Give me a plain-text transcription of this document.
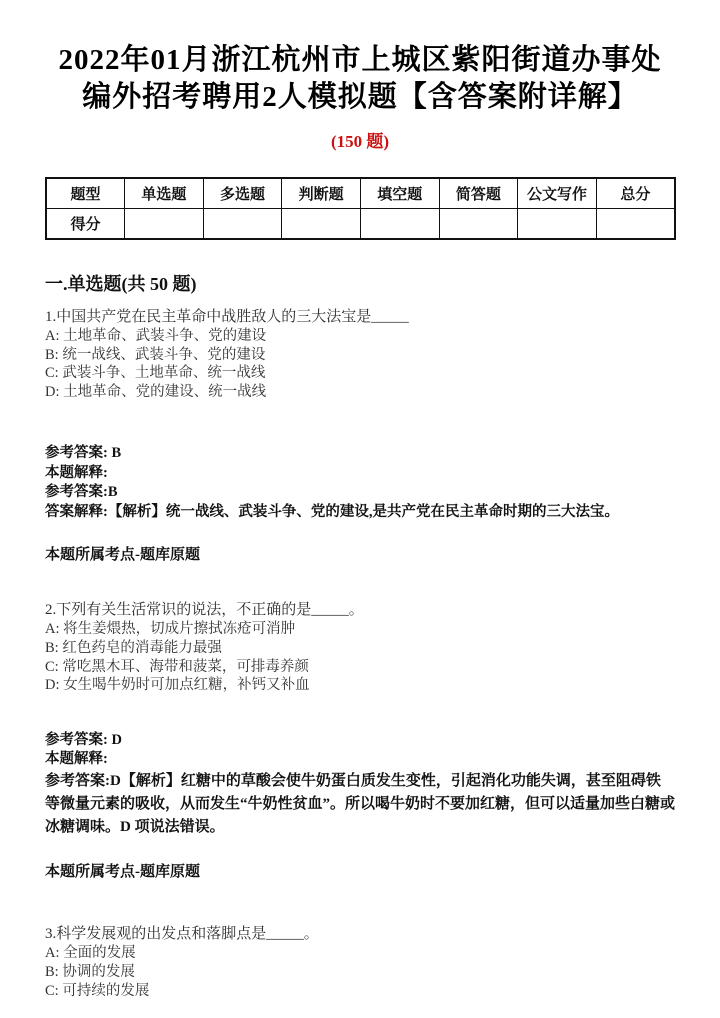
2022年01月浙江杭州市上城区紫阳街道办事处
编外招考聘用2人模拟题【含答案附详解】
(150 题)
题型	单选题	多选题	判断题	填空题	简答题	公文写作	总分
得分							
一.单选题(共 50 题)
1.中国共产党在民主革命中战胜敌人的三大法宝是_____
A: 土地革命、武装斗争、党的建设
B: 统一战线、武装斗争、党的建设
C: 武装斗争、土地革命、统一战线
D: 土地革命、党的建设、统一战线
参考答案: B
本题解释:
参考答案:B
答案解释:【解析】统一战线、武装斗争、党的建设,是共产党在民主革命时期的三大法宝。
本题所属考点-题库原题
2.下列有关生活常识的说法，不正确的是_____。
A: 将生姜煨热，切成片擦拭冻疮可消肿
B: 红色药皂的消毒能力最强
C: 常吃黑木耳、海带和菠菜，可排毒养颜
D: 女生喝牛奶时可加点红糖，补钙又补血
参考答案: D
本题解释:
参考答案:D【解析】红糖中的草酸会使牛奶蛋白质发生变性，引起消化功能失调，甚至阻碍铁等微量元素的吸收，从而发生“牛奶性贫血”。所以喝牛奶时不要加红糖，但可以适量加些白糖或冰糖调味。D 项说法错误。
本题所属考点-题库原题
3.科学发展观的出发点和落脚点是_____。
A: 全面的发展
B: 协调的发展
C: 可持续的发展
